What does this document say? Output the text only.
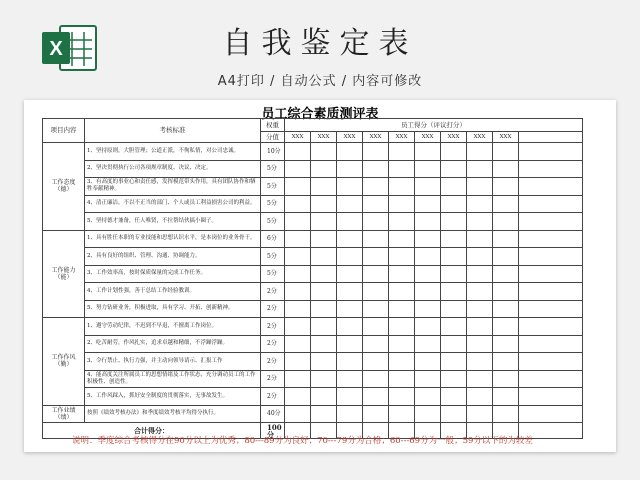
X	自我鉴定表
A4打印 / 自动公式 / 内容可修改
员工综合素质测评表
项目内容	考核标准	权重	员工得分（评议打分）									
		分值	XXX	XXX	XXX	XXX	XXX	XXX	XXX	XXX	XXX	
工作态度（德）	1、坚持原则，大胆管理；公道正派，不徇私情，对公司忠诚。	10分										
	2、坚决贯彻执行公司各项规章制度、决议、决定。	5分										
	3、有高度的事业心和责任感，发挥模范带头作用，具有团队协作和牺牲奉献精神。	5分										
	4、清正廉洁，不以不正当的部门、个人或员工利益损害公司的利益。	5分										
	5、坚持德才兼备，任人唯贤，不拉帮结伙搞小圈子。	5分										
工作能力（能）	1、具有胜任本职的专业技能和思想认识水平，是本岗位的业务骨干。	6分										
	2、具有良好的组织、管理、沟通、协调能力。	5分										
	3、工作效率高，按时保质保量的完成工作任务。	5分										
	4、工作计划性强，善于总结工作经验教训。	2分										
	5、努力钻研业务，积极进取，具有学习、开拓、创新精神。	2分										
工作作风（勤）	1、遵守劳动纪律，不迟到不早退，不擅离工作岗位。	2分										
	2、吃苦耐劳，作风扎实，追求卓越和精细，不浮躁浮躁。	2分										
	3、令行禁止、执行力强，并主动向领导请示、汇报工作	2分										
	4、能高度关注所属员工的思想情绪及工作状态，充分调动员工的工作积极性、创造性。	2分										
	5、工作风踩入，抓好安全制度的贯彻落实，无事故发生。	2分										
工作业绩（绩）	按照《绩效考核办法》和季度绩效考核平均得分执行。	40分										
合计得分：		100分										
说明：季度综合考核得分在90分以上为优秀；80---89分为良好；70---79分为合格；60---69分为一般；59分以下的为较差
